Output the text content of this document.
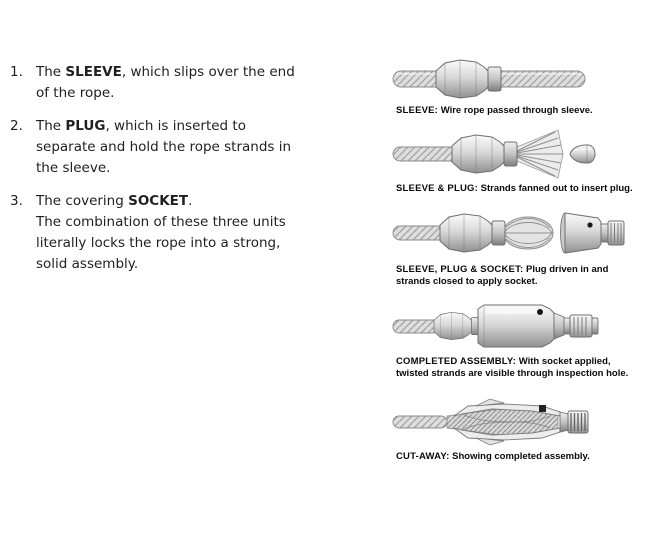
1. The SLEEVE, which slips over the end
of the rope.
2. The PLUG, which is inserted to
separate and hold the rope strands in
the sleeve.
3. The covering SOCKET.
The combination of these three units
literally locks the rope into a strong,
solid assembly.
SLEEVE: Wire rope passed through sleeve.
SLEEVE & PLUG: Strands fanned out to insert plug.
SLEEVE, PLUG & SOCKET: Plug driven in and strands closed to apply socket.
COMPLETED ASSEMBLY: With socket applied, twisted strands are visible through inspection hole.
CUT-AWAY: Showing completed assembly.
